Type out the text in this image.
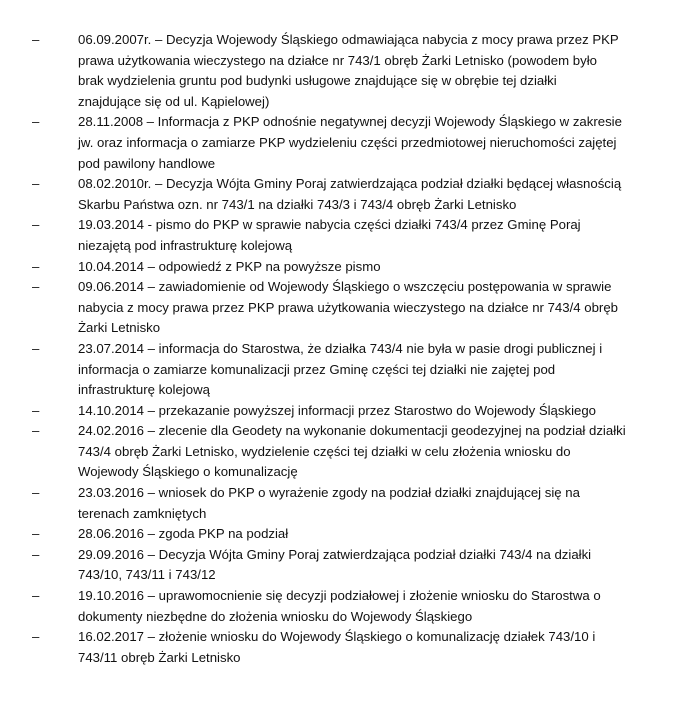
–	06.09.2007r. – Decyzja Wojewody Śląskiego odmawiająca nabycia z mocy prawa przez PKP
prawa użytkowania wieczystego na działce nr 743/1 obręb Żarki Letnisko (powodem było
brak wydzielenia gruntu pod budynki usługowe znajdujące się w obrębie tej działki
znajdujące się od ul. Kąpielowej)
–	28.11.2008 – Informacja z PKP odnośnie negatywnej decyzji Wojewody Śląskiego w zakresie
jw. oraz informacja o zamiarze PKP wydzieleniu części przedmiotowej nieruchomości zajętej
pod pawilony handlowe
–	08.02.2010r. – Decyzja Wójta Gminy Poraj zatwierdzająca podział działki będącej własnością
Skarbu Państwa ozn. nr 743/1 na działki 743/3 i 743/4 obręb Żarki Letnisko
–	19.03.2014 - pismo do PKP w sprawie nabycia części działki 743/4 przez Gminę Poraj
niezajętą pod infrastrukturę kolejową
–	10.04.2014 – odpowiedź z PKP na powyższe pismo
–	09.06.2014 – zawiadomienie od Wojewody Śląskiego o wszczęciu postępowania w sprawie
nabycia z mocy prawa przez PKP prawa użytkowania wieczystego na działce nr 743/4 obręb
Żarki Letnisko
–	23.07.2014 – informacja do Starostwa, że działka 743/4 nie była w pasie drogi publicznej i
informacja o zamiarze komunalizacji przez Gminę części tej działki nie zajętej pod
infrastrukturę kolejową
–	14.10.2014 – przekazanie powyższej informacji przez Starostwo do Wojewody Śląskiego
–	24.02.2016 – zlecenie dla Geodety na wykonanie dokumentacji geodezyjnej na podział działki
743/4 obręb Żarki Letnisko, wydzielenie części tej działki w celu złożenia wniosku do
Wojewody Śląskiego o komunalizację
–	23.03.2016 – wniosek do PKP o wyrażenie zgody na podział działki znajdującej się na
terenach zamkniętych
–	28.06.2016 – zgoda PKP na podział
–	29.09.2016 – Decyzja Wójta Gminy Poraj zatwierdzająca podział działki 743/4 na działki
743/10, 743/11 i 743/12
–	19.10.2016 – uprawomocnienie się decyzji podziałowej i złożenie wniosku do Starostwa o
dokumenty niezbędne do złożenia wniosku do Wojewody Śląskiego
–	16.02.2017 – złożenie wniosku do Wojewody Śląskiego o komunalizację działek 743/10 i
743/11 obręb Żarki Letnisko
